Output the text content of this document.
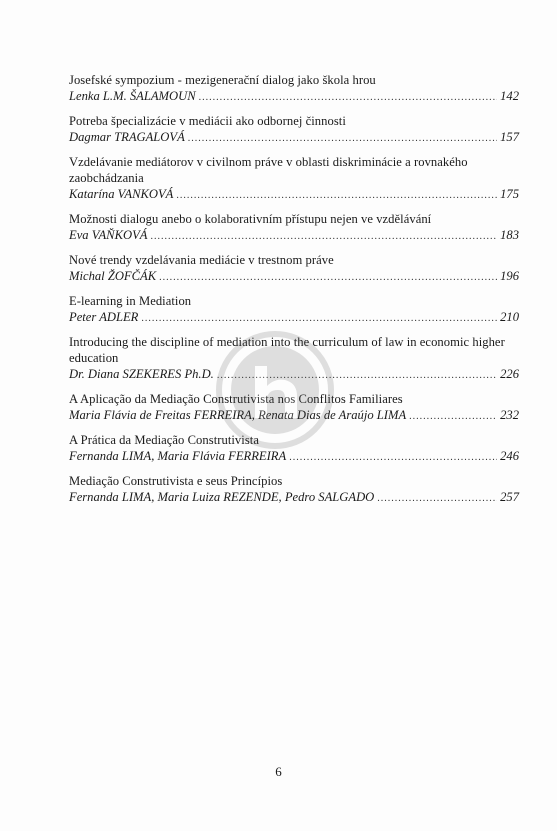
Josefské sympozium - mezigenerační dialog jako škola hrou
Lenka L.M. ŠALAMOUN .....	142
Potreba špecializácie v mediácii ako odbornej činnosti
Dagmar TRAGALOVÁ .....	157
Vzdelávanie mediátorov v civilnom práve v oblasti diskriminácie a rovnakého zaobchádzania
Katarína VANKOVÁ .....	175
Možnosti dialogu anebo o kolaborativním přístupu nejen ve vzdělávání
Eva VAŇKOVÁ .....	183
Nové trendy vzdelávania mediácie v trestnom práve
Michal ŽOFČÁK .....	196
E-learning in Mediation
Peter ADLER .....	210
Introducing the discipline of mediation into the curriculum of law in economic higher education
Dr. Diana SZEKERES Ph.D. .....	226
A Aplicação da Mediação Construtivista nos Conflitos Familiares
Maria Flávia de Freitas FERREIRA, Renata Dias de Araújo LIMA .....	232
A Prática da Mediação Construtivista
Fernanda LIMA, Maria Flávia FERREIRA .....	246
Mediação Construtivista e seus Princípios
Fernanda LIMA, Maria Luiza REZENDE, Pedro SALGADO .....	257
6
